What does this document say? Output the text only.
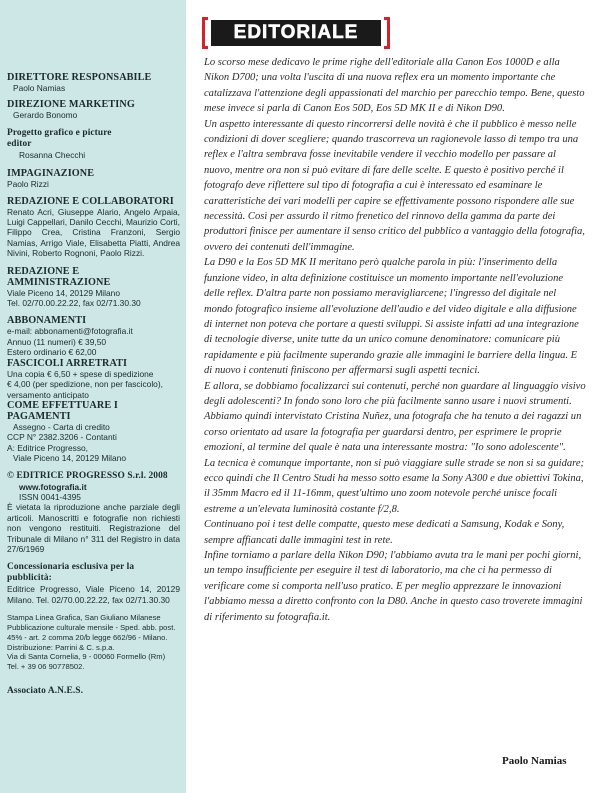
DIRETTORE RESPONSABILE

Paolo Namias

DIREZIONE MARKETING

Gerardo Bonomo

Progetto grafico e picture editor

Rosanna Checchi

IMPAGINAZIONE

Paolo Rizzi

REDAZIONE E COLLABORATORI

Renato Acri, Giuseppe Alario, Angelo Arpaia, Luigi Cappellari, Danilo Cecchi, Maurizio Corti, Filippo Crea, Cristina Franzoni, Sergio Namias, Arrigo Viale, Elisabetta Piatti, Andrea Nivini, Roberto Rognoni, Paolo Rizzi.

REDAZIONE E AMMINISTRAZIONE

Viale Piceno 14, 20129 Milano

Tel. 02/70.00.22.22, fax 02/71.30.30

ABBONAMENTI

e-mail: abbonamenti@fotografia.it

Annuo (11 numeri) € 39,50

Estero ordinario € 62,00

FASCICOLI ARRETRATI

Una copia € 6,50 + spese di spedizione

€ 4,00 (per spedizione, non per fascicolo),

versamento anticipato

COME EFFETTUARE I PAGAMENTI

Assegno - Carta di credito

CCP N° 2382.3206 - Contanti

A: Editrice Progresso,

Viale Piceno 14, 20129 Milano

© EDITRICE PROGRESSO S.r.l. 2008

www.fotografia.it

ISSN 0041-4395

È vietata la riproduzione anche parziale degli articoli. Manoscritti e fotografie non richiesti non vengono restituiti. Registrazione del Tribunale di Milano n° 311 del Registro in data 27/6/1969

Concessionaria esclusiva per la pubblicità:

Editrice Progresso, Viale Piceno 14, 20129 Milano. Tel. 02/70.00.22.22, fax 02/71.30.30

Stampa Linea Grafica, San Giuliano Milanese

Pubblicazione culturale mensile - Sped. abb. post. 45% - art. 2 comma 20/b legge 662/96 - Milano.

Distribuzione: Parrini & C. s.p.a.

Via di Santa Cornelia, 9 - 00060 Formello (Rm)

Tel. + 39 06 90778502.

Associato A.N.E.S.

EDITORIALE

Lo scorso mese dedicavo le prime righe dell'editoriale alla Canon Eos 1000D e alla Nikon D700; una volta l'uscita di una nuova reflex era un momento importante che catalizzava l'attenzione degli appassionati del marchio per parecchio tempo. Bene, questo mese invece si parla di Canon Eos 50D, Eos 5D MK II e di Nikon D90.

Un aspetto interessante di questo rincorrersi delle novità è che il pubblico è messo nelle condizioni di dover scegliere; quando trascorreva un ragionevole lasso di tempo tra una reflex e l'altra sembrava fosse inevitabile vendere il vecchio modello per passare al nuovo, mentre ora non si può evitare di fare delle scelte. E questo è positivo perché il fotografo deve riflettere sul tipo di fotografia a cui è interessato ed esaminare le caratteristiche dei vari modelli per capire se effettivamente possono rispondere alle sue necessità. Così per assurdo il ritmo frenetico del rinnovo della gamma da parte dei produttori finisce per aumentare il senso critico del pubblico a vantaggio della fotografia, ovvero dei contenuti dell'immagine.

La D90 e la Eos 5D MK II meritano però qualche parola in più: l'inserimento della funzione video, in alta definizione costituisce un momento importante nell'evoluzione delle reflex. D'altra parte non possiamo meravigliarcene; l'ingresso del digitale nel mondo fotografico insieme all'evoluzione dell'audio e del video digitale e alla diffusione di internet non poteva che portare a questi sviluppi. Si assiste infatti ad una integrazione di tecnologie diverse, unite tutte da un unico comune denominatore: comunicare più rapidamente e più facilmente superando grazie alle immagini le barriere della lingua. E di nuovo i contenuti finiscono per affermarsi sugli aspetti tecnici.

E allora, se dobbiamo focalizzarci sui contenuti, perché non guardare al linguaggio visivo degli adolescenti? In fondo sono loro che più facilmente sanno usare i nuovi strumenti. Abbiamo quindi intervistato Cristina Nuñez, una fotografa che ha tenuto a dei ragazzi un corso orientato ad usare la fotografia per guardarsi dentro, per esprimere le proprie emozioni, al termine del quale è nata una interessante mostra: "Io sono adolescente".

La tecnica è comunque importante, non si può viaggiare sulle strade se non si sa guidare; ecco quindi che Il Centro Studi ha messo sotto esame la Sony A300 e due obiettivi Tokina, il 35mm Macro ed il 11-16mm, quest'ultimo uno zoom notevole perché unisce focali estreme a un'elevata luminosità costante f/2,8.

Continuano poi i test delle compatte, questo mese dedicati a Samsung, Kodak e Sony, sempre affiancati dalle immagini test in rete.

Infine torniamo a parlare della Nikon D90; l'abbiamo avuta tra le mani per pochi giorni, un tempo insufficiente per eseguire il test di laboratorio, ma che ci ha permesso di verificare come si comporta nell'uso pratico. E per meglio apprezzare le innovazioni l'abbiamo messa a diretto confronto con la D80. Anche in questo caso troverete immagini di riferimento su fotografia.it.

Paolo Namias
